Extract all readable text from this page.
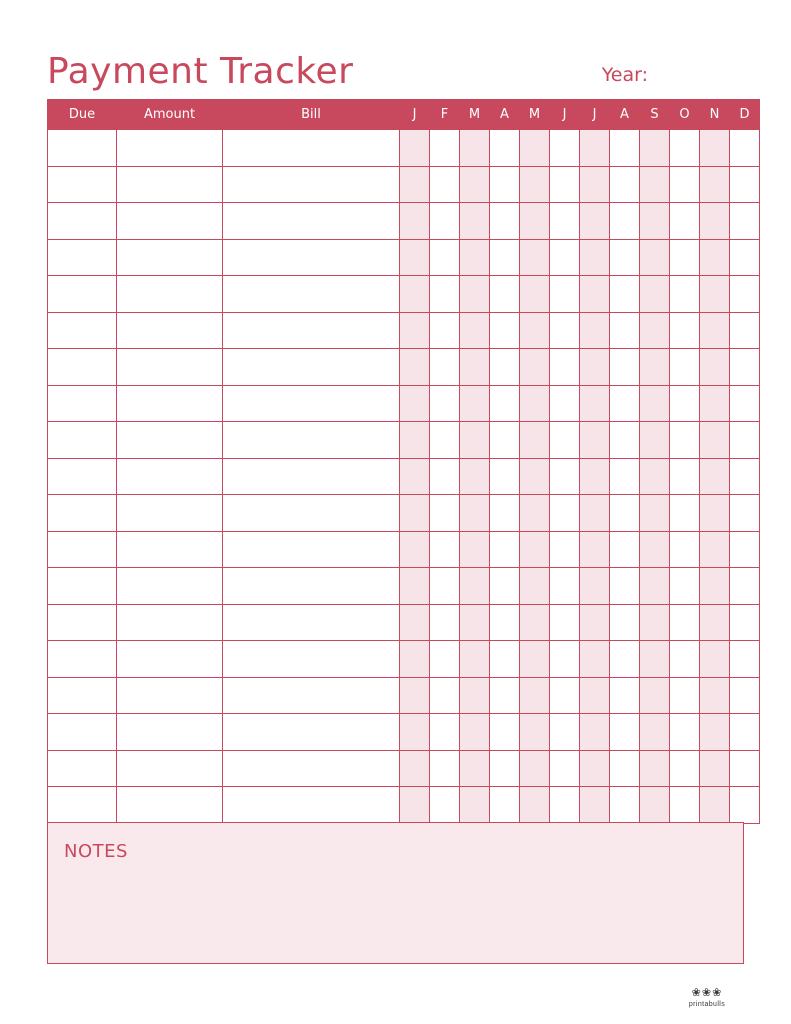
Payment Tracker	Year:
Due	Amount	Bill	J	F	M	A	M	J	J	A	S	O	N	D

NOTES
❀❀❀
printabulls
